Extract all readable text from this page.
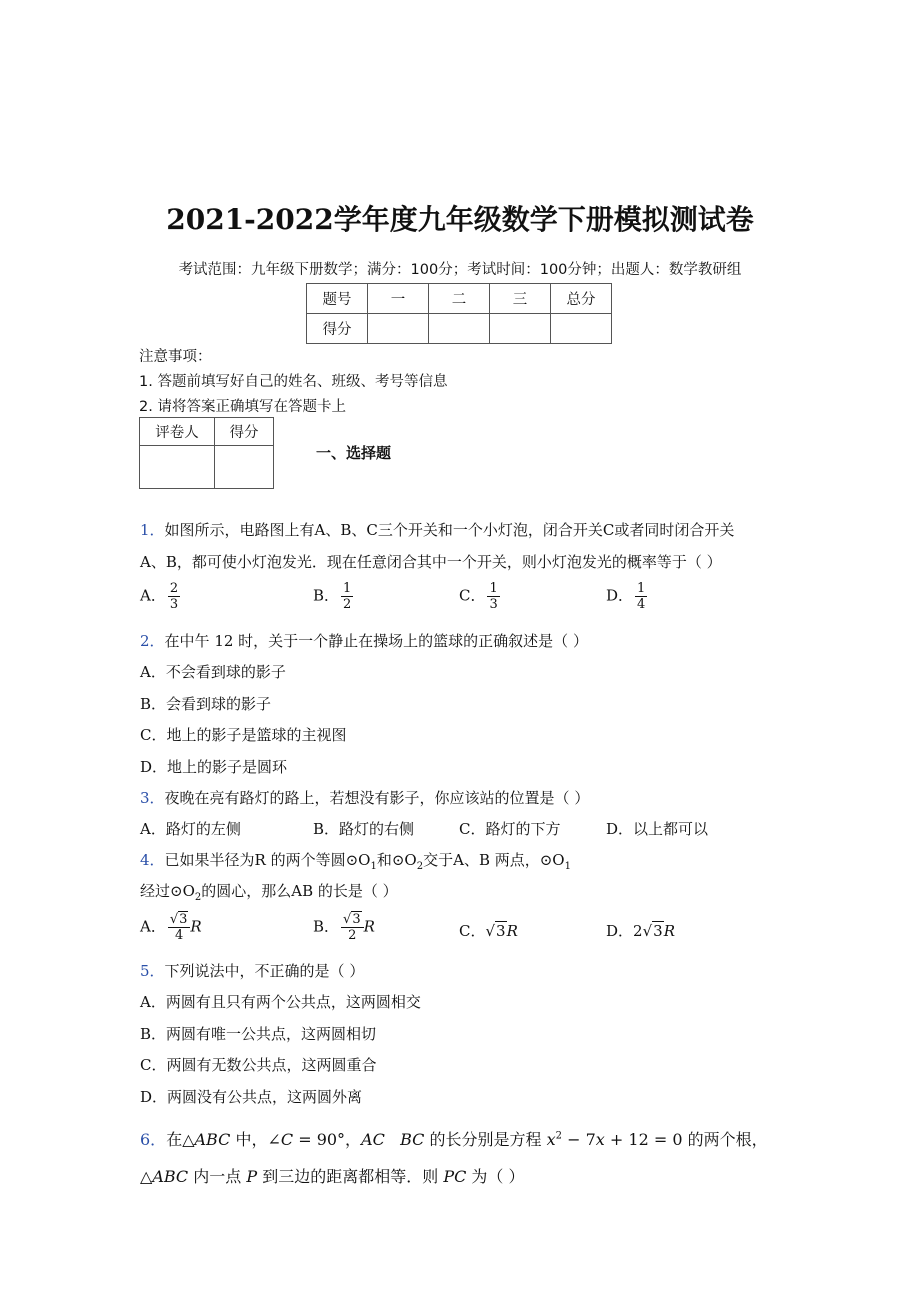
2021-2022学年度九年级数学下册模拟测试卷
考试范围：九年级下册数学；满分：100分；考试时间：100分钟；出题人：数学教研组
题号	一	二	三	总分
得分				
注意事项：
1. 答题前填写好自己的姓名、班级、考号等信息
2. 请将答案正确填写在答题卡上
评卷人	得分

一、选择题
1．如图所示，电路图上有A、B、C三个开关和一个小灯泡，闭合开关C或者同时闭合开关
A、B，都可使小灯泡发光．现在任意闭合其中一个开关，则小灯泡发光的概率等于（ ）
A． $\frac{2}{3}$	B． $\frac{1}{2}$	C． $\frac{1}{3}$	D． $\frac{1}{4}$
2．在中午 12 时，关于一个静止在操场上的篮球的正确叙述是（ ）
A．不会看到球的影子
B．会看到球的影子
C．地上的影子是篮球的主视图
D．地上的影子是圆环
3．夜晚在亮有路灯的路上，若想没有影子，你应该站的位置是（ ）
A．路灯的左侧	B．路灯的右侧	C．路灯的下方	D．以上都可以
4．已如果半径为R 的两个等圆$⊙O_1$和$⊙O_2$交于A、B 两点，$⊙O_1$
经过$⊙O_2$的圆心，那么AB 的长是（ ）
A． $\frac{√3}{4}$ R	B． $\frac{√3}{2}$ R	C．√3R	D．2√3R
5．下列说法中，不正确的是（ ）
A．两圆有且只有两个公共点，这两圆相交
B．两圆有唯一公共点，这两圆相切
C．两圆有无数公共点，这两圆重合
D．两圆没有公共点，这两圆外离
6．在△ABC 中，∠C = 90°，AC BC 的长分别是方程 $x^2 - 7x + 12 = 0$ 的两个根，
△ABC 内一点 P 到三边的距离都相等．则 PC 为（ ）
